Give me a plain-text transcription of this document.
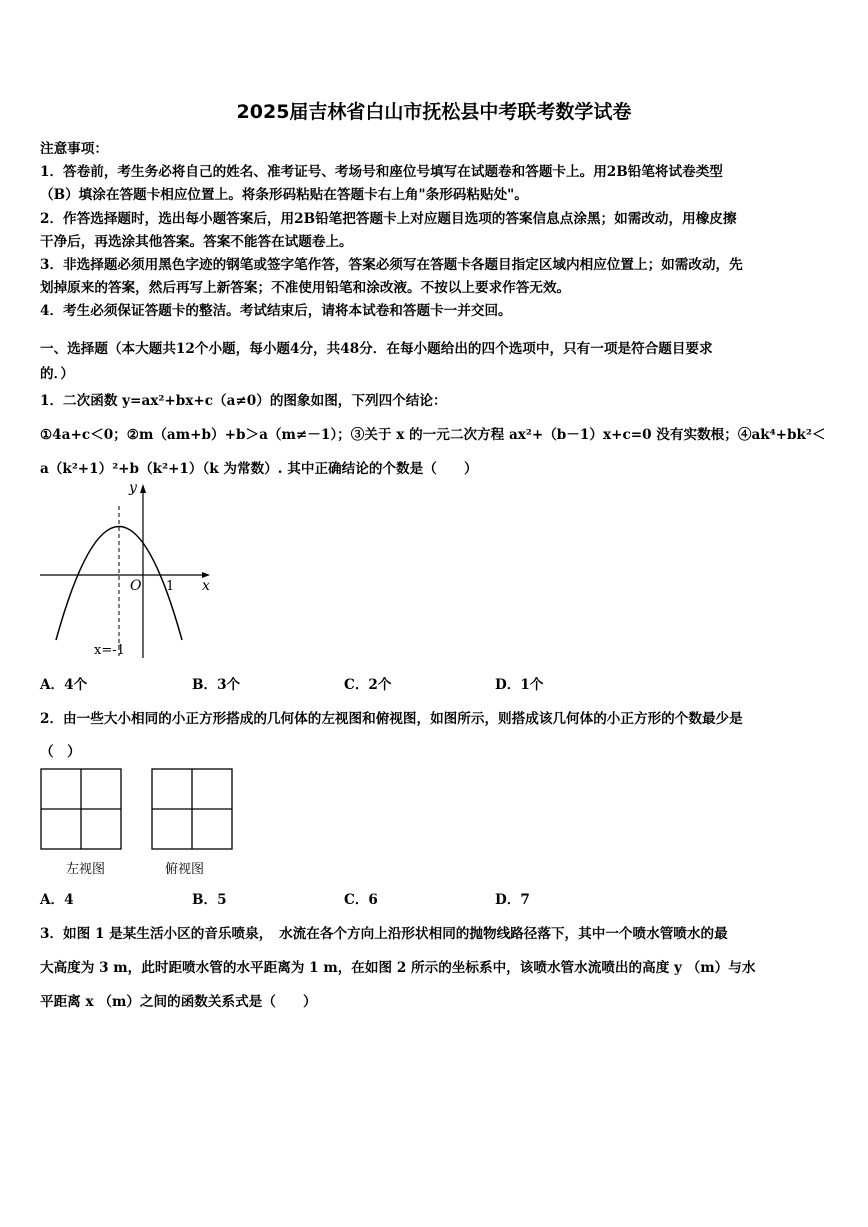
2025届吉林省白山市抚松县中考联考数学试卷
注意事项：
1．答卷前，考生务必将自己的姓名、准考证号、考场号和座位号填写在试题卷和答题卡上。用2B铅笔将试卷类型
（B）填涂在答题卡相应位置上。将条形码粘贴在答题卡右上角"条形码粘贴处"。
2．作答选择题时，选出每小题答案后，用2B铅笔把答题卡上对应题目选项的答案信息点涂黑；如需改动，用橡皮擦
干净后，再选涂其他答案。答案不能答在试题卷上。
3．非选择题必须用黑色字迹的钢笔或签字笔作答，答案必须写在答题卡各题目指定区域内相应位置上；如需改动，先
划掉原来的答案，然后再写上新答案；不准使用铅笔和涂改液。不按以上要求作答无效。
4．考生必须保证答题卡的整洁。考试结束后，请将本试卷和答题卡一并交回。
一、选择题（本大题共12个小题，每小题4分，共48分．在每小题给出的四个选项中，只有一项是符合题目要求
的．）
1．二次函数 y=ax²+bx+c（a≠0）的图象如图，下列四个结论：
①4a+c＜0；②m（am+b）+b＞a（m≠－1）；③关于 x 的一元二次方程 ax²+（b－1）x+c=0 没有实数根；④ak⁴+bk²＜
a（k²+1）²+b（k²+1）（k 为常数）. 其中正确结论的个数是（　　）
y
x
O 1
x=-1
A．4个	B．3个	C．2个	D．1个
2．由一些大小相同的小正方形搭成的几何体的左视图和俯视图，如图所示，则搭成该几何体的小正方形的个数最少是
（　）
左视图	俯视图
A．4	B．5	C．6	D．7
3．如图 1 是某生活小区的音乐喷泉，　水流在各个方向上沿形状相同的抛物线路径落下，其中一个喷水管喷水的最
大高度为 3 m，此时距喷水管的水平距离为 1 m，在如图 2 所示的坐标系中，该喷水管水流喷出的高度 y （m）与水
平距离 x （m）之间的函数关系式是（　　）
